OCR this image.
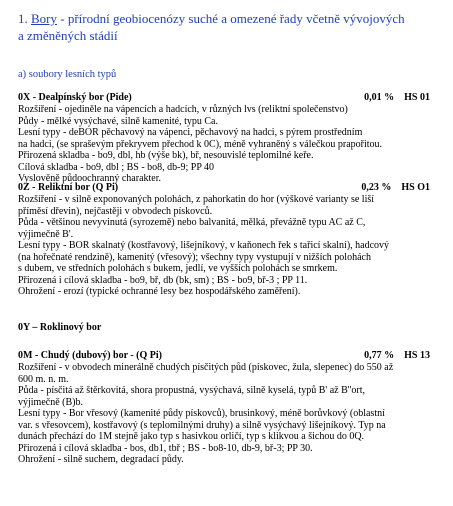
1. Bory - přírodní geobiocenózy suché a omezené řady včetně vývojových
a změněných stádií
a) soubory lesních typů
0X - Dealpínský bor (Pide)	0,01 % HS 01
Rozšíření - ojediněle na vápencích a hadcích, v různých lvs (reliktní společenstvo)
Půdy - mělké vysýchavé, silně kamenité, typu Ca.
Lesní typy - deBOR pěchavový na vápenci, pěchavový na hadci, s pýrem prostředním
na hadci, (se spraševým překryvem přechod k 0C), méně vyhraněný s válečkou prapořitou.
Přirozená skladba - bo9, dbl, hb (výše bk), bř, nesouvislé teplomilné keře.
Cílová skladba - bo9, dbl ; BS - bo8, db-9; PP 40
Vyslověně půdoochranný charakter.
0Z - Reliktní bor (Q Pi)	0,23 % HS O1
Rozšíření - v silně exponovaných polohách, z pahorkatin do hor (výškové varianty se liší
příměsí dřevin), nejčastěji v obvodech pískovců.
Půda - většinou nevyvinutá (syrozemě) nebo balvanitá, mělká, převážně typu AC až C,
výjimečně B'.
Lesní typy - BOR skalnatý (kostřavový, lišejníkový, v kaňonech řek s tařicí skalní), hadcový
(na hořečnaté rendzině), kamenitý (vřesový); všechny typy vystupují v nižších polohách
s dubem, ve středních polohách s bukem, jedlí, ve vyšších polohách se smrkem.
Přirozená i cílová skladba - bo9, bř, db (bk, sm) ; BS - bo9, bř-3 ; PP 11.
Ohrožení - erozí (typické ochranné lesy bez hospodářského zaměření).
0Y – Roklinový bor
0M - Chudý (dubový) bor - (Q Pi)	0,77 % HS 13
Rozšíření - v obvodech minerálně chudých písčitých půd (pískovec, žula, slepenec) do 550 až
600 m. n. m.
Půda - písčitá až štěrkovitá, shora propustná, vysýchavá, silně kyselá, typů B' až B''ort,
výjimečně (B)b.
Lesní typy - Bor vřesový (kamenité půdy pískovců), brusinkový, méně borůvkový (oblastní
var. s vřesovcem), kostřavový (s teplomilnými druhy) a silně vysýchavý lišejníkový. Typ na
dunách přechází do 1M stejně jako typ s hasivkou orličí, typ s klikvou a šichou do 0Q.
Přirozená i cílová skladba - bos, db1, tbř ; BS - bo8-10, db-9, bř-3; PP 30.
Ohrožení - silně suchem, degradací půdy.
